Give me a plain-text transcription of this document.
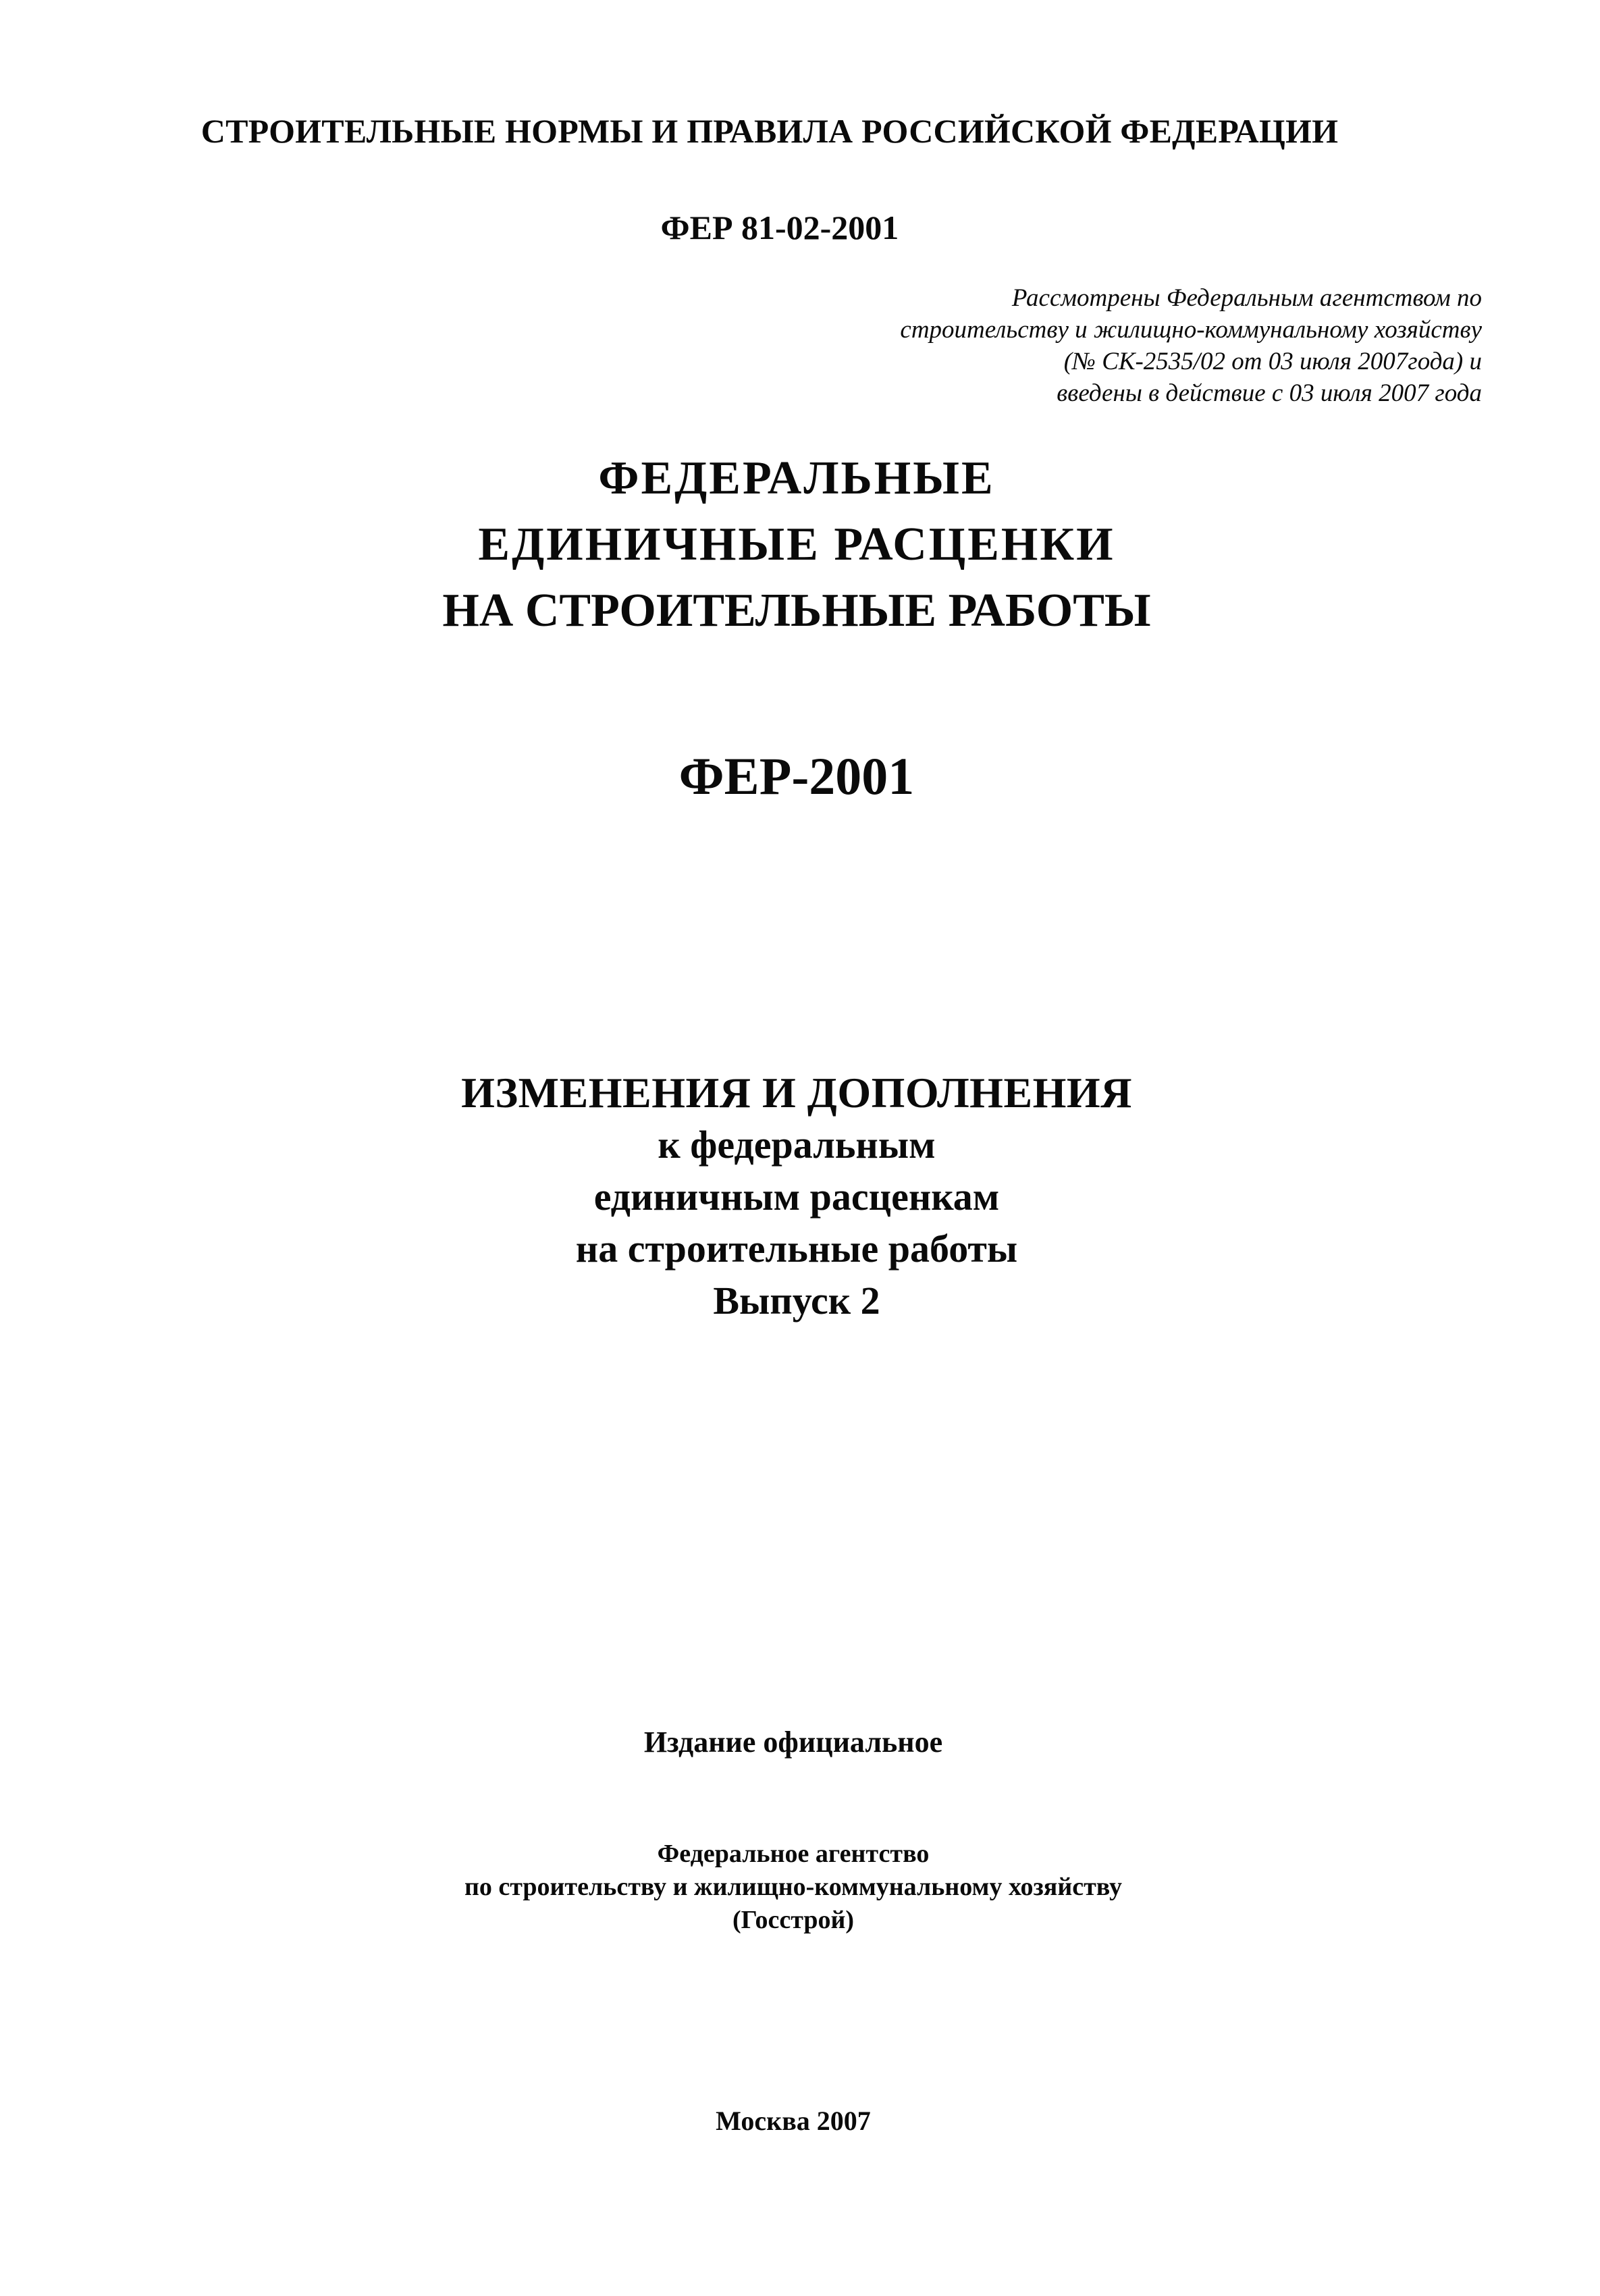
СТРОИТЕЛЬНЫЕ НОРМЫ И ПРАВИЛА РОССИЙСКОЙ ФЕДЕРАЦИИ
ФЕР 81-02-2001
Рассмотрены Федеральным агентством по
строительству и жилищно-коммунальному хозяйству
(№ СК-2535/02 от 03 июля 2007года) и
введены в действие с 03 июля 2007 года
ФЕДЕРАЛЬНЫЕ
ЕДИНИЧНЫЕ РАСЦЕНКИ
НА СТРОИТЕЛЬНЫЕ РАБОТЫ
ФЕР-2001
ИЗМЕНЕНИЯ И ДОПОЛНЕНИЯ
к федеральным
единичным расценкам
на строительные работы
Выпуск 2
Издание официальное
Федеральное агентство
по строительству и жилищно-коммунальному хозяйству
(Госстрой)
Москва 2007
